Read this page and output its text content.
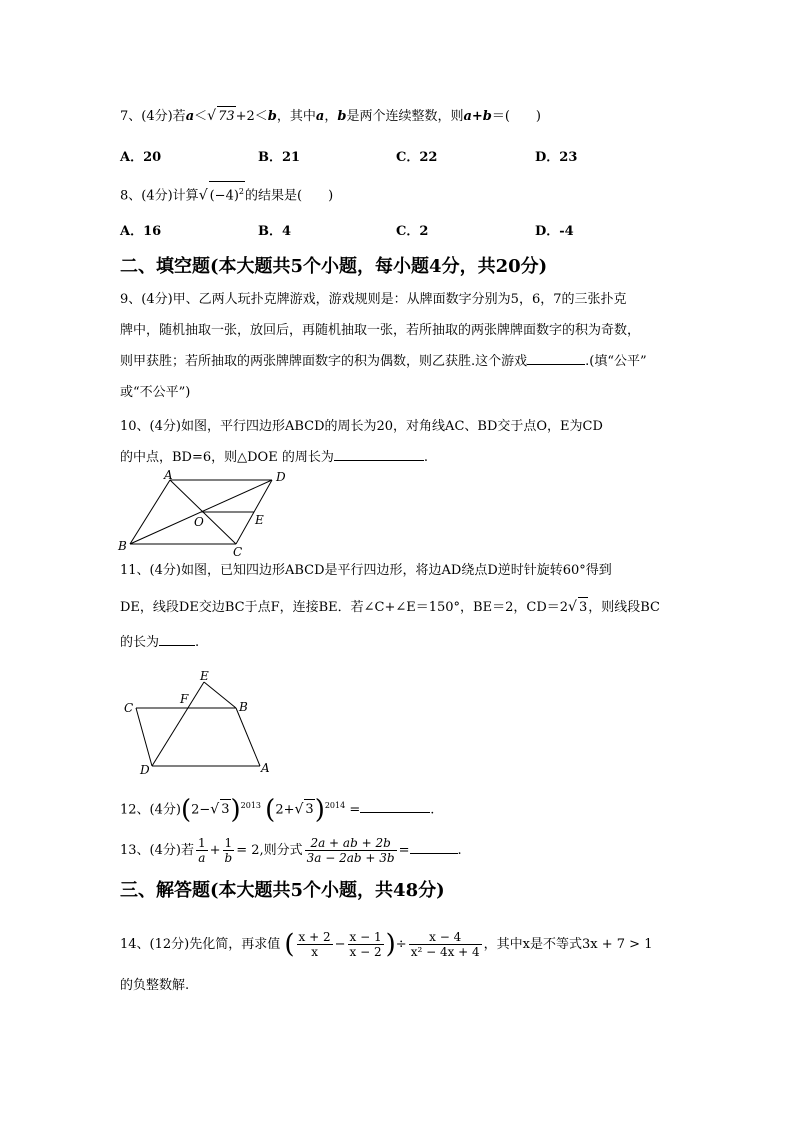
7、(4分)若a＜√ 73+2＜b，其中a，b是两个连续整数，则a+b＝(　　)
A．20	B．21	C．22	D．23
8、(4分)计算√ $(-4)^2$的结果是(　　)
A．16	B．4	C．2	D．-4
二、填空题(本大题共5个小题，每小题4分，共20分)
9、(4分)甲、乙两人玩扑克牌游戏，游戏规则是：从牌面数字分别为5，6，7的三张扑克
牌中，随机抽取一张，放回后，再随机抽取一张，若所抽取的两张牌牌面数字的积为奇数，
则甲获胜；若所抽取的两张牌牌面数字的积为偶数，则乙获胜.这个游戏	.(填“公平”
或“不公平”)
10、(4分)如图，平行四边形ABCD的周长为20，对角线AC、BD交于点O，E为CD
的中点，BD=6，则△DOE 的周长为	.
A	D
B	C
O	E
11、(4分)如图，已知四边形ABCD是平行四边形，将边AD绕点D逆时针旋转60°得到
DE，线段DE交边BC于点F，连接BE．若∠C+∠E＝150°，BE＝2，CD＝2√ 3，则线段BC
的长为	.
E
F
B
C
D	A
12、(4分)(2−√ 3)$^{2013}$ (2+√ 3)$^{2014}$ =	.
13、(4分)若 $\frac{1}{a} + \frac{1}{b} = 2$,则分式 $\frac{2a + ab + 2b}{3a - 2ab + 3b}$ =	.
三、解答题(本大题共5个小题，共48分)
14、(12分)先化简，再求值 ( $\frac{x + 2}{x} - \frac{x - 1}{x - 2}$ )÷ $\frac{x - 4}{\text{x² − 4x + 4}}$ ，其中x是不等式3x + 7 > 1
的负整数解.
